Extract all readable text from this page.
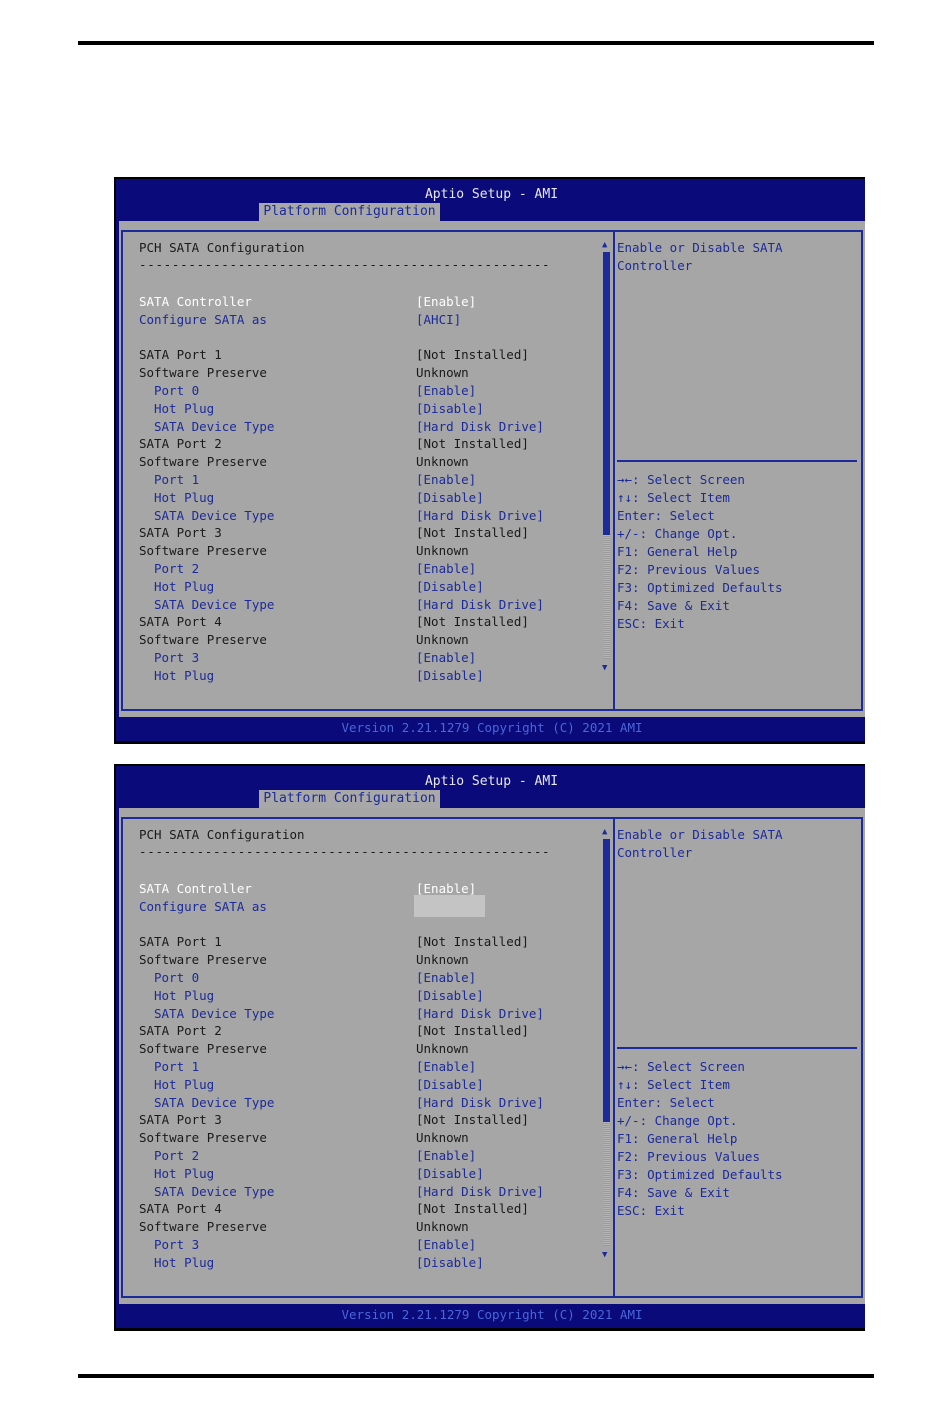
Aptio Setup - AMI
Platform Configuration
PCH SATA Configuration
--------------------------------------------------
SATA Controller	[Enable]
Configure SATA as	[AHCI]
SATA Port 1	[Not Installed]
Software Preserve	Unknown
Port 0	[Enable]
Hot Plug	[Disable]
SATA Device Type	[Hard Disk Drive]
SATA Port 2	[Not Installed]
Software Preserve	Unknown
Port 1	[Enable]
Hot Plug	[Disable]
SATA Device Type	[Hard Disk Drive]
SATA Port 3	[Not Installed]
Software Preserve	Unknown
Port 2	[Enable]
Hot Plug	[Disable]
SATA Device Type	[Hard Disk Drive]
SATA Port 4	[Not Installed]
Software Preserve	Unknown
Port 3	[Enable]
Hot Plug	[Disable]
▲
▼
Enable or Disable SATA
Controller
→←: Select Screen
↑↓: Select Item
Enter: Select
+/-: Change Opt.
F1: General Help
F2: Previous Values
F3: Optimized Defaults
F4: Save & Exit
ESC: Exit
Version 2.21.1279 Copyright (C) 2021 AMI
Aptio Setup - AMI
Platform Configuration
PCH SATA Configuration
--------------------------------------------------
SATA Controller	[Enable]
Configure SATA as
SATA Port 1	[Not Installed]
Software Preserve	Unknown
Port 0	[Enable]
Hot Plug	[Disable]
SATA Device Type	[Hard Disk Drive]
SATA Port 2	[Not Installed]
Software Preserve	Unknown
Port 1	[Enable]
Hot Plug	[Disable]
SATA Device Type	[Hard Disk Drive]
SATA Port 3	[Not Installed]
Software Preserve	Unknown
Port 2	[Enable]
Hot Plug	[Disable]
SATA Device Type	[Hard Disk Drive]
SATA Port 4	[Not Installed]
Software Preserve	Unknown
Port 3	[Enable]
Hot Plug	[Disable]
▲
▼
Enable or Disable SATA
Controller
→←: Select Screen
↑↓: Select Item
Enter: Select
+/-: Change Opt.
F1: General Help
F2: Previous Values
F3: Optimized Defaults
F4: Save & Exit
ESC: Exit
Version 2.21.1279 Copyright (C) 2021 AMI
